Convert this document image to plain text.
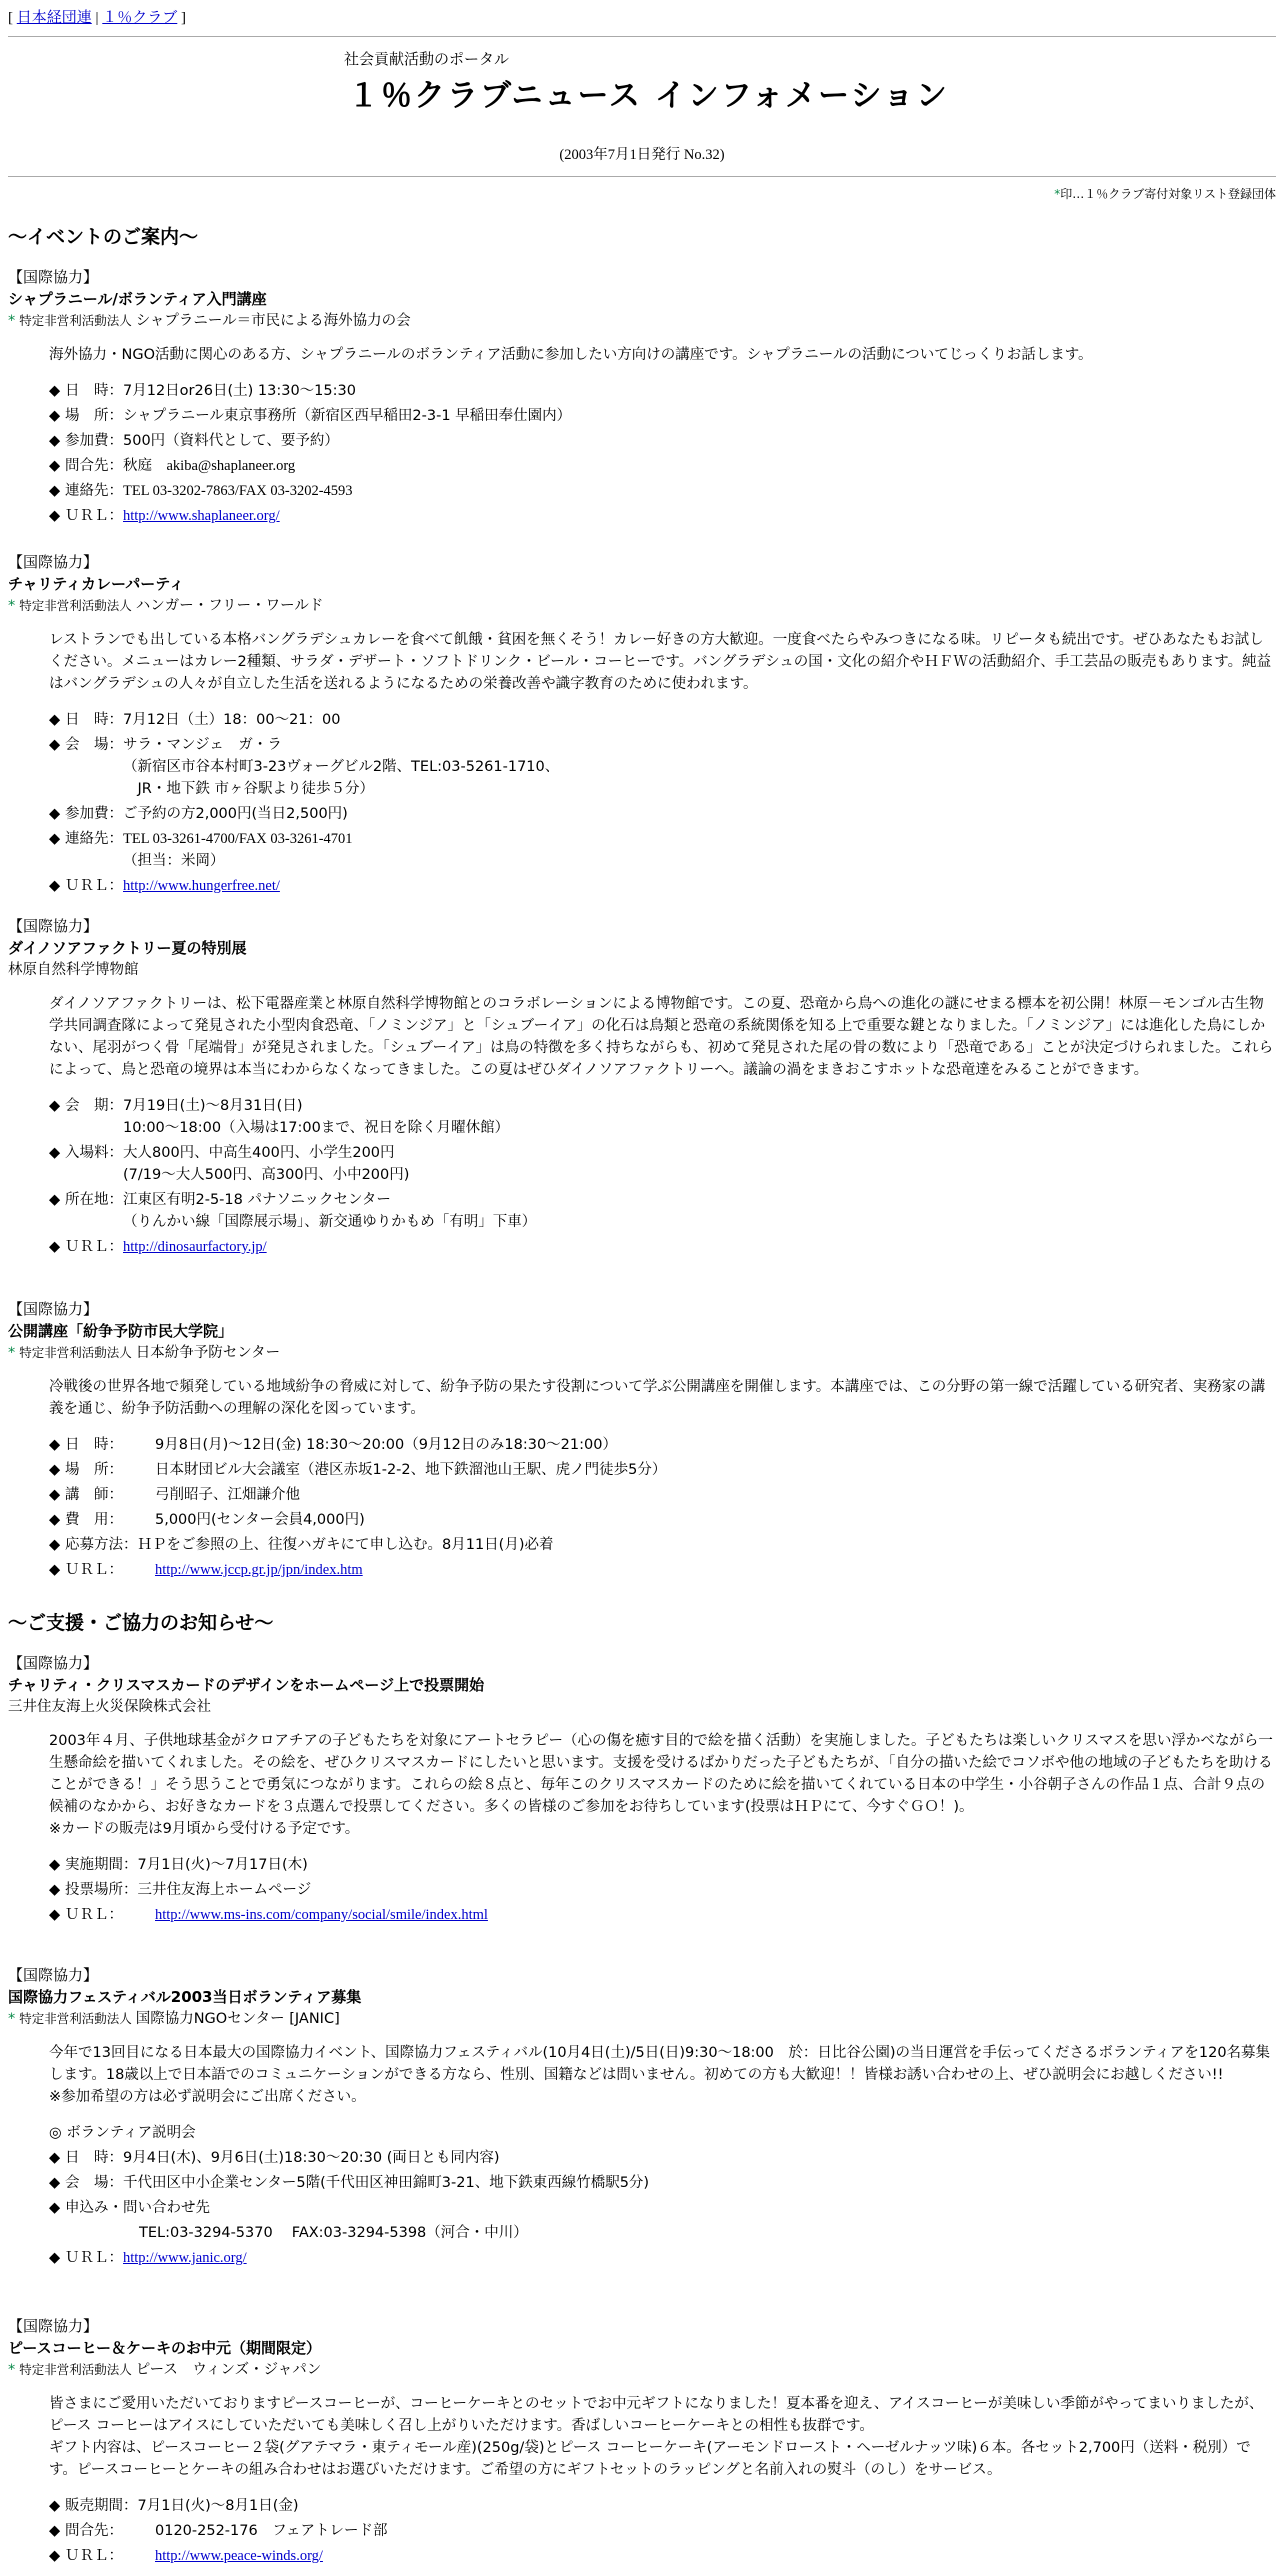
[ 日本経団連 | １％クラブ ]
社会貢献活動のポータル
１％クラブニュース インフォメーション
(2003年7月1日発行 No.32)
*印…１％クラブ寄付対象リスト登録団体
～イベントのご案内～
【国際協力】
シャプラニール/ボランティア入門講座
* 特定非営利活動法人 シャプラニール＝市民による海外協力の会
海外協力・NGO活動に関心のある方、シャプラニールのボランティア活動に参加したい方向けの講座です。シャプラニールの活動についてじっくりお話します。
◆ 日　時： 7月12日or26日(土) 13:30～15:30
◆ 場　所： シャプラニール東京事務所（新宿区西早稲田2-3-1 早稲田奉仕園内）
◆ 参加費： 500円（資料代として、要予約）
◆ 問合先： 秋庭　akiba@shaplaneer.org
◆ 連絡先： TEL 03-3202-7863/FAX 03-3202-4593
◆ ＵＲＬ： http://www.shaplaneer.org/
【国際協力】
チャリティカレーパーティ
* 特定非営利活動法人 ハンガー・フリー・ワールド
レストランでも出している本格バングラデシュカレーを食べて飢餓・貧困を無くそう！カレー好きの方大歓迎。一度食べたらやみつきになる味。リピータも続出です。ぜひあなたもお試しください。メニューはカレー2種類、サラダ・デザート・ソフトドリンク・ビール・コーヒーです。バングラデシュの国・文化の紹介やＨＦＷの活動紹介、手工芸品の販売もあります。純益はバングラデシュの人々が自立した生活を送れるようになるための栄養改善や識字教育のために使われます。
◆ 日　時： 7月12日（土）18：00～21：00
◆ 会　場： サラ・マンジェ　ガ・ラ
（新宿区市谷本村町3-23ヴォーグビル2階、TEL:03-5261-1710、
　JR・地下鉄 市ヶ谷駅より徒歩５分）
◆ 参加費： ご予約の方2,000円(当日2,500円)
◆ 連絡先： TEL 03-3261-4700/FAX 03-3261-4701
（担当：米岡）
◆ ＵＲＬ： http://www.hungerfree.net/
【国際協力】
ダイノソアファクトリー夏の特別展
林原自然科学博物館
ダイノソアファクトリーは、松下電器産業と林原自然科学博物館とのコラボレーションによる博物館です。この夏、恐竜から鳥への進化の謎にせまる標本を初公開！林原－モンゴル古生物学共同調査隊によって発見された小型肉食恐竜、「ノミンジア」と「シュブーイア」の化石は鳥類と恐竜の系統関係を知る上で重要な鍵となりました。「ノミンジア」には進化した鳥にしかない、尾羽がつく骨「尾端骨」が発見されました。「シュブーイア」は鳥の特徴を多く持ちながらも、初めて発見された尾の骨の数により「恐竜である」ことが決定づけられました。これらによって、鳥と恐竜の境界は本当にわからなくなってきました。この夏はぜひダイノソアファクトリーへ。議論の渦をまきおこすホットな恐竜達をみることができます。
◆ 会　期： 7月19日(土)～8月31日(日)
10:00～18:00（入場は17:00まで、祝日を除く月曜休館）
◆ 入場料： 大人800円、中高生400円、小学生200円
(7/19～大人500円、高300円、小中200円)
◆ 所在地： 江東区有明2-5-18 パナソニックセンター
（りんかい線「国際展示場」、新交通ゆりかもめ「有明」下車）
◆ ＵＲＬ： http://dinosaurfactory.jp/
【国際協力】
公開講座「紛争予防市民大学院」
* 特定非営利活動法人 日本紛争予防センター
冷戦後の世界各地で頻発している地域紛争の脅威に対して、紛争予防の果たす役割について学ぶ公開講座を開催します。本講座では、この分野の第一線で活躍している研究者、実務家の講義を通じ、紛争予防活動への理解の深化を図っています。
◆ 日　時：	9月8日(月)～12日(金) 18:30～20:00（9月12日のみ18:30～21:00）
◆ 場　所：	日本財団ビル大会議室（港区赤坂1-2-2、地下鉄溜池山王駅、虎ノ門徒歩5分）
◆ 講　師：	弓削昭子、江畑謙介他
◆ 費　用：	5,000円(センター会員4,000円)
◆ 応募方法： ＨＰをご参照の上、往復ハガキにて申し込む。8月11日(月)必着
◆ ＵＲＬ：	http://www.jccp.gr.jp/jpn/index.htm
～ご支援・ご協力のお知らせ～
【国際協力】
チャリティ・クリスマスカードのデザインをホームページ上で投票開始
三井住友海上火災保険株式会社
2003年４月、子供地球基金がクロアチアの子どもたちを対象にアートセラピー（心の傷を癒す目的で絵を描く活動）を実施しました。子どもたちは楽しいクリスマスを思い浮かべながら一生懸命絵を描いてくれました。その絵を、ぜひクリスマスカードにしたいと思います。支援を受けるばかりだった子どもたちが、「自分の描いた絵でコソボや他の地域の子どもたちを助けることができる！」そう思うことで勇気につながります。これらの絵８点と、毎年このクリスマスカードのために絵を描いてくれている日本の中学生・小谷朝子さんの作品１点、合計９点の候補のなかから、お好きなカードを３点選んで投票してください。多くの皆様のご参加をお待ちしています(投票はＨＰにて、今すぐＧＯ！)。
※カードの販売は9月頃から受付ける予定です。
◆ 実施期間： 7月1日(火)～7月17日(木)
◆ 投票場所： 三井住友海上ホームページ
◆ ＵＲＬ：	http://www.ms-ins.com/company/social/smile/index.html
【国際協力】
国際協力フェスティバル2003当日ボランティア募集
* 特定非営利活動法人 国際協力NGOセンター [JANIC]
今年で13回目になる日本最大の国際協力イベント、国際協力フェスティバル(10月4日(土)/5日(日)9:30～18:00　於：日比谷公園)の当日運営を手伝ってくださるボランティアを120名募集します。18歳以上で日本語でのコミュニケーションができる方なら、性別、国籍などは問いません。初めての方も大歓迎！！皆様お誘い合わせの上、ぜひ説明会にお越しください!!
※参加希望の方は必ず説明会にご出席ください。
◎ ボランティア説明会
◆ 日　時： 9月4日(木)、9月6日(土)18:30～20:30 (両日とも同内容)
◆ 会　場： 千代田区中小企業センター5階(千代田区神田錦町3-21、地下鉄東西線竹橋駅5分)
◆ 申込み・問い合わせ先
TEL:03-3294-5370　 FAX:03-3294-5398（河合・中川）
◆ ＵＲＬ： http://www.janic.org/
【国際協力】
ピースコーヒー＆ケーキのお中元（期間限定）
* 特定非営利活動法人 ピース　ウィンズ・ジャパン
皆さまにご愛用いただいておりますピースコーヒーが、コーヒーケーキとのセットでお中元ギフトになりました！夏本番を迎え、アイスコーヒーが美味しい季節がやってまいりましたが、ピース コーヒーはアイスにしていただいても美味しく召し上がりいただけます。香ばしいコーヒーケーキとの相性も抜群です。
ギフト内容は、ピースコーヒー２袋(グアテマラ・東ティモール産)(250g/袋)とピース コーヒーケーキ(アーモンドロースト・ヘーゼルナッツ味)６本。各セット2,700円（送料・税別）です。ピースコーヒーとケーキの組み合わせはお選びいただけます。ご希望の方にギフトセットのラッピングと名前入れの熨斗（のし）をサービス。
◆ 販売期間： 7月1日(火)～8月1日(金)
◆ 問合先：	0120-252-176　フェアトレード部
◆ ＵＲＬ：	http://www.peace-winds.org/
